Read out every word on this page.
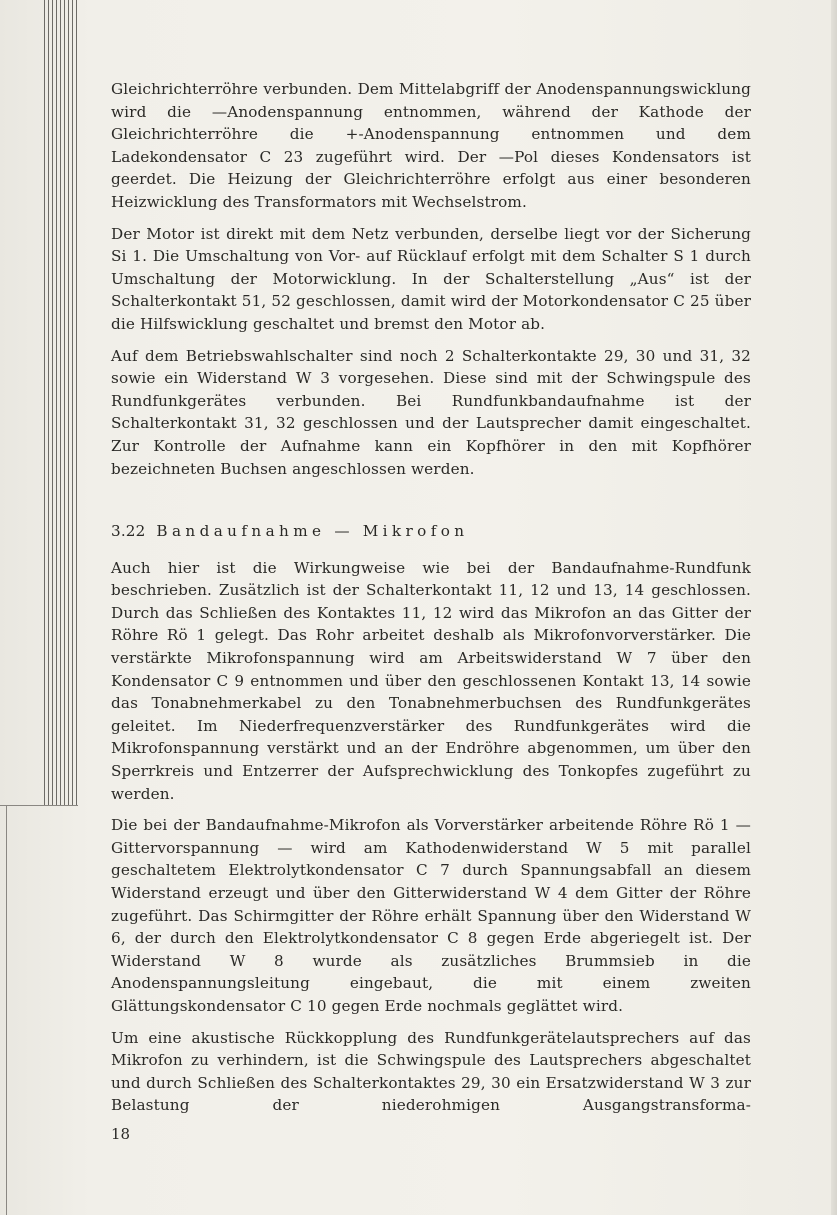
Gleichrichterröhre verbunden. Dem Mittelabgriff der Anodenspannungswicklung wird die —Anodenspannung entnommen, während der Kathode der Gleichrichterröhre die +-Anodenspannung entnommen und dem Ladekondensator C 23 zugeführt wird. Der —Pol dieses Kondensators ist geerdet. Die Heizung der Gleichrichterröhre erfolgt aus einer besonderen Heizwicklung des Transformators mit Wechselstrom.

Der Motor ist direkt mit dem Netz verbunden, derselbe liegt vor der Sicherung Si 1. Die Umschaltung von Vor- auf Rücklauf erfolgt mit dem Schalter S 1 durch Umschaltung der Motorwicklung. In der Schalterstellung „Aus“ ist der Schalterkontakt 51, 52 geschlossen, damit wird der Motorkondensator C 25 über die Hilfswicklung geschaltet und bremst den Motor ab.

Auf dem Betriebswahlschalter sind noch 2 Schalterkontakte 29, 30 und 31, 32 sowie ein Widerstand W 3 vorgesehen. Diese sind mit der Schwingspule des Rundfunkgerätes verbunden. Bei Rundfunkbandaufnahme ist der Schalterkontakt 31, 32 geschlossen und der Lautsprecher damit eingeschaltet. Zur Kontrolle der Aufnahme kann ein Kopfhörer in den mit Kopfhörer bezeichneten Buchsen angeschlossen werden.

3.22 Bandaufnahme — Mikrofon

Auch hier ist die Wirkungweise wie bei der Bandaufnahme-Rundfunk beschrieben. Zusätzlich ist der Schalterkontakt 11, 12 und 13, 14 geschlossen. Durch das Schließen des Kontaktes 11, 12 wird das Mikrofon an das Gitter der Röhre Rö 1 gelegt. Das Rohr arbeitet deshalb als Mikrofonvorverstärker. Die verstärkte Mikrofonspannung wird am Arbeitswiderstand W 7 über den Kondensator C 9 entnommen und über den geschlossenen Kontakt 13, 14 sowie das Tonabnehmerkabel zu den Tonabnehmerbuchsen des Rundfunkgerätes geleitet. Im Niederfrequenzverstärker des Rundfunkgerätes wird die Mikrofonspannung verstärkt und an der Endröhre abgenommen, um über den Sperrkreis und Entzerrer der Aufsprechwicklung des Tonkopfes zugeführt zu werden.

Die bei der Bandaufnahme-Mikrofon als Vorverstärker arbeitende Röhre Rö 1 — Gittervorspannung — wird am Kathodenwiderstand W 5 mit parallel geschaltetem Elektrolytkondensator C 7 durch Spannungsabfall an diesem Widerstand erzeugt und über den Gitterwiderstand W 4 dem Gitter der Röhre zugeführt. Das Schirmgitter der Röhre erhält Spannung über den Widerstand W 6, der durch den Elektrolytkondensator C 8 gegen Erde abgeriegelt ist. Der Widerstand W 8 wurde als zusätzliches Brummsieb in die Anodenspannungsleitung eingebaut, die mit einem zweiten Glättungskondensator C 10 gegen Erde nochmals geglättet wird.

Um eine akustische Rückkopplung des Rundfunkgerätelautsprechers auf das Mikrofon zu verhindern, ist die Schwingspule des Lautsprechers abgeschaltet und durch Schließen des Schalterkontaktes 29, 30 ein Ersatzwiderstand W 3 zur Belastung der niederohmigen Ausgangstransforma-

18
